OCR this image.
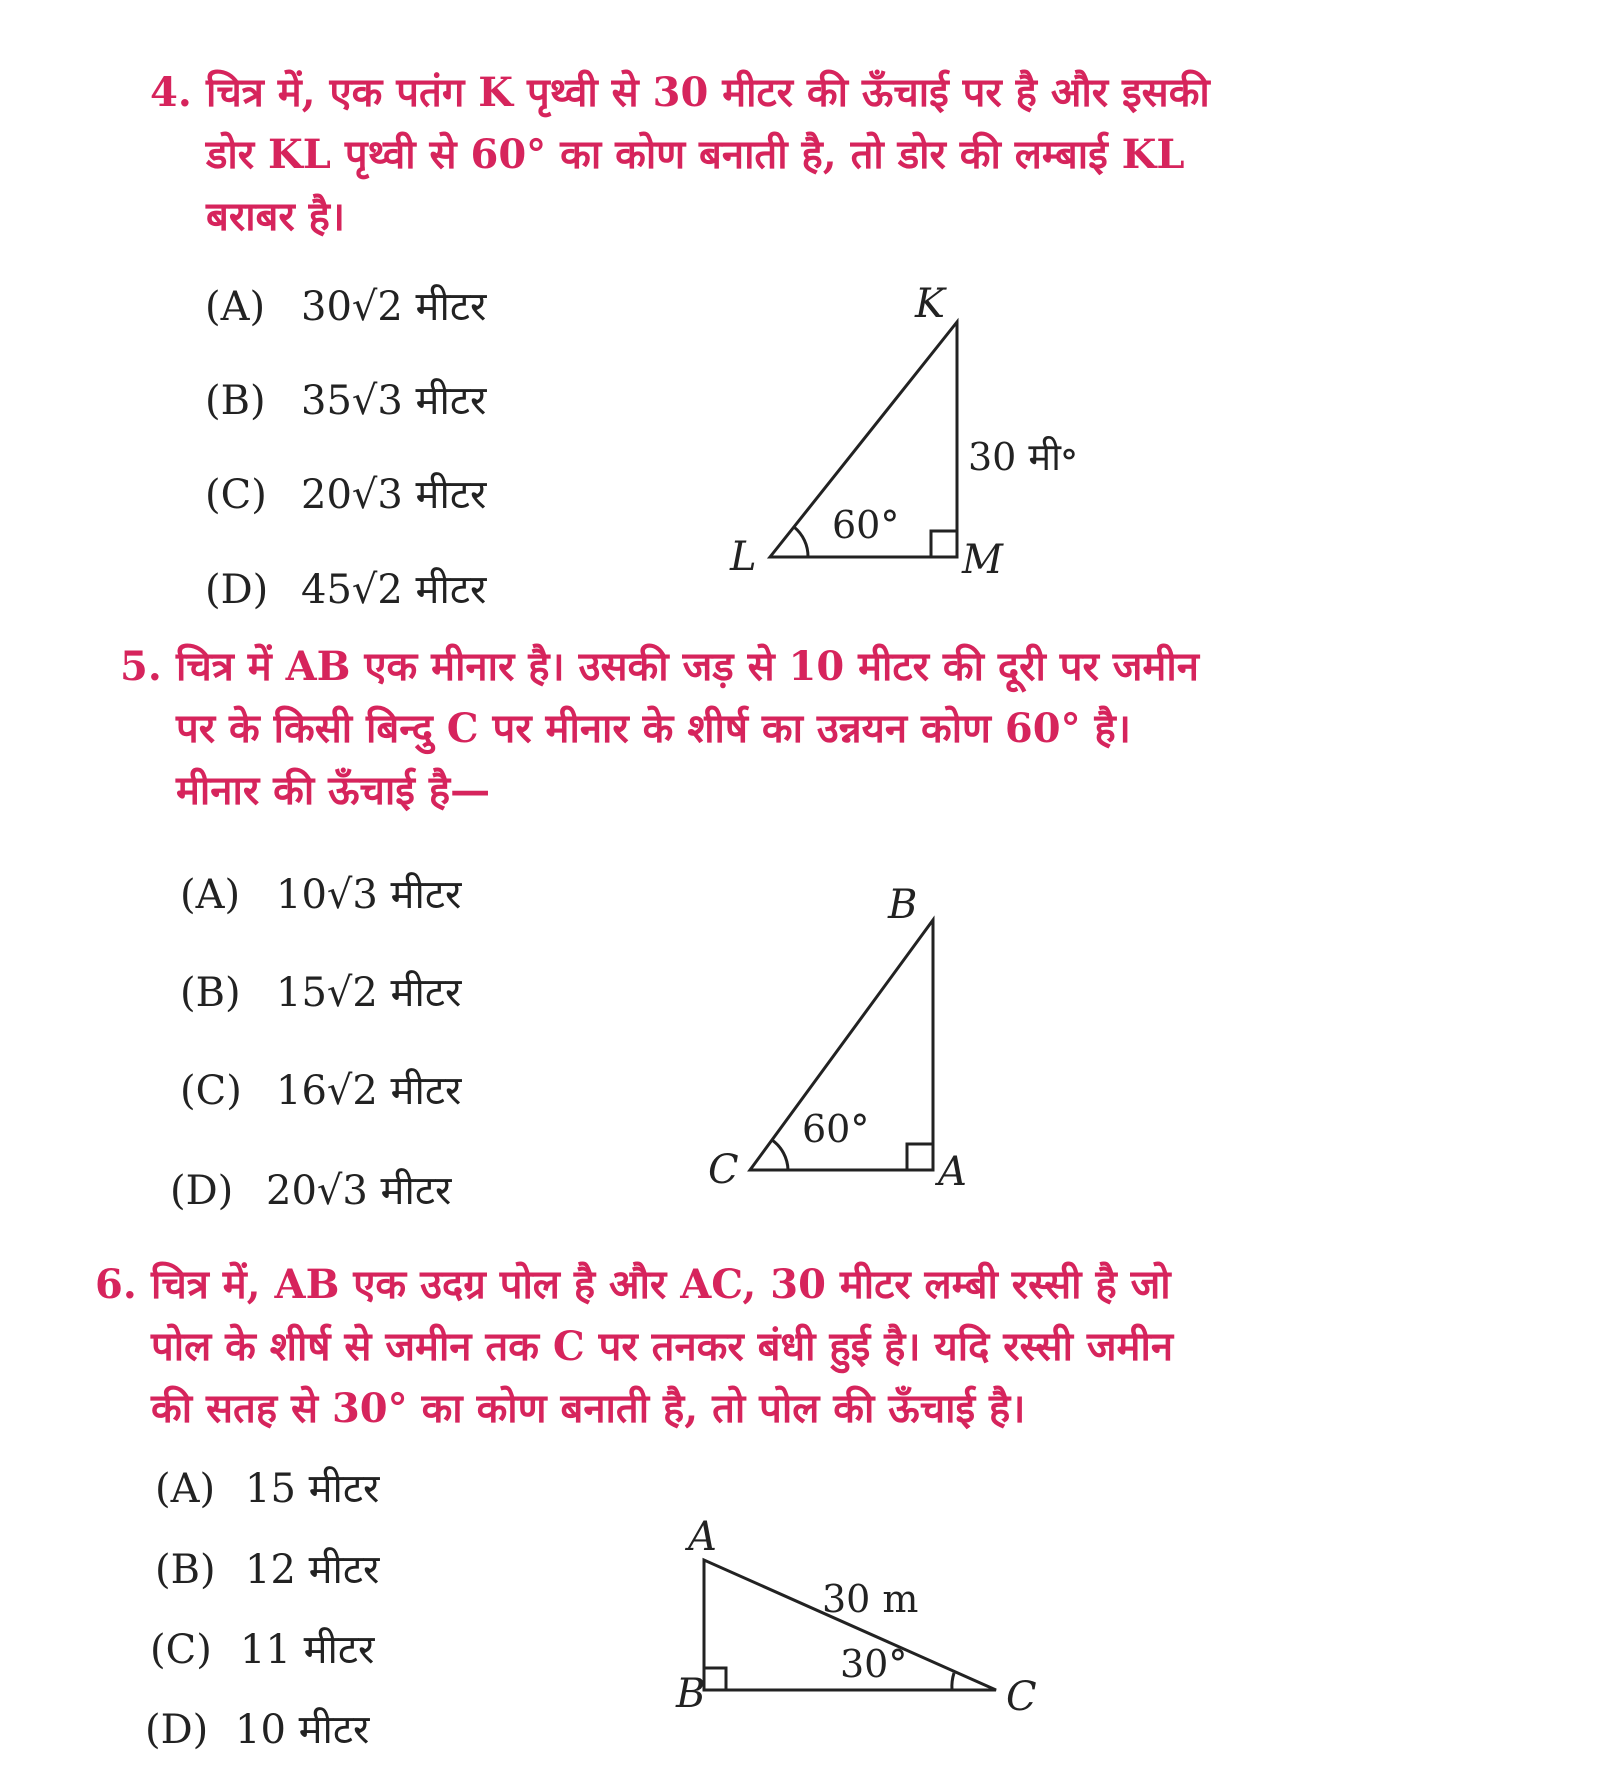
4. चित्र में, एक पतंग K पृथ्वी से 30 मीटर की ऊँचाई पर है और इसकी
डोर KL पृथ्वी से 60° का कोण बनाती है, तो डोर की लम्बाई KL
बराबर है।
(A) 30√2 मीटर
(B) 35√3 मीटर
(C) 20√3 मीटर
(D) 45√2 मीटर
K
L	M
60°
30 मी॰
5. चित्र में AB एक मीनार है। उसकी जड़ से 10 मीटर की दूरी पर जमीन
पर के किसी बिन्दु C पर मीनार के शीर्ष का उन्नयन कोण 60° है।
मीनार की ऊँचाई है—
(A) 10√3 मीटर
(B) 15√2 मीटर
(C) 16√2 मीटर
(D) 20√3 मीटर
B
C	A
60°
6. चित्र में, AB एक उदग्र पोल है और AC, 30 मीटर लम्बी रस्सी है जो
पोल के शीर्ष से जमीन तक C पर तनकर बंधी हुई है। यदि रस्सी जमीन
की सतह से 30° का कोण बनाती है, तो पोल की ऊँचाई है।
(A) 15 मीटर
(B) 12 मीटर
(C) 11 मीटर
(D) 10 मीटर
A
B	C
30°
30 m
